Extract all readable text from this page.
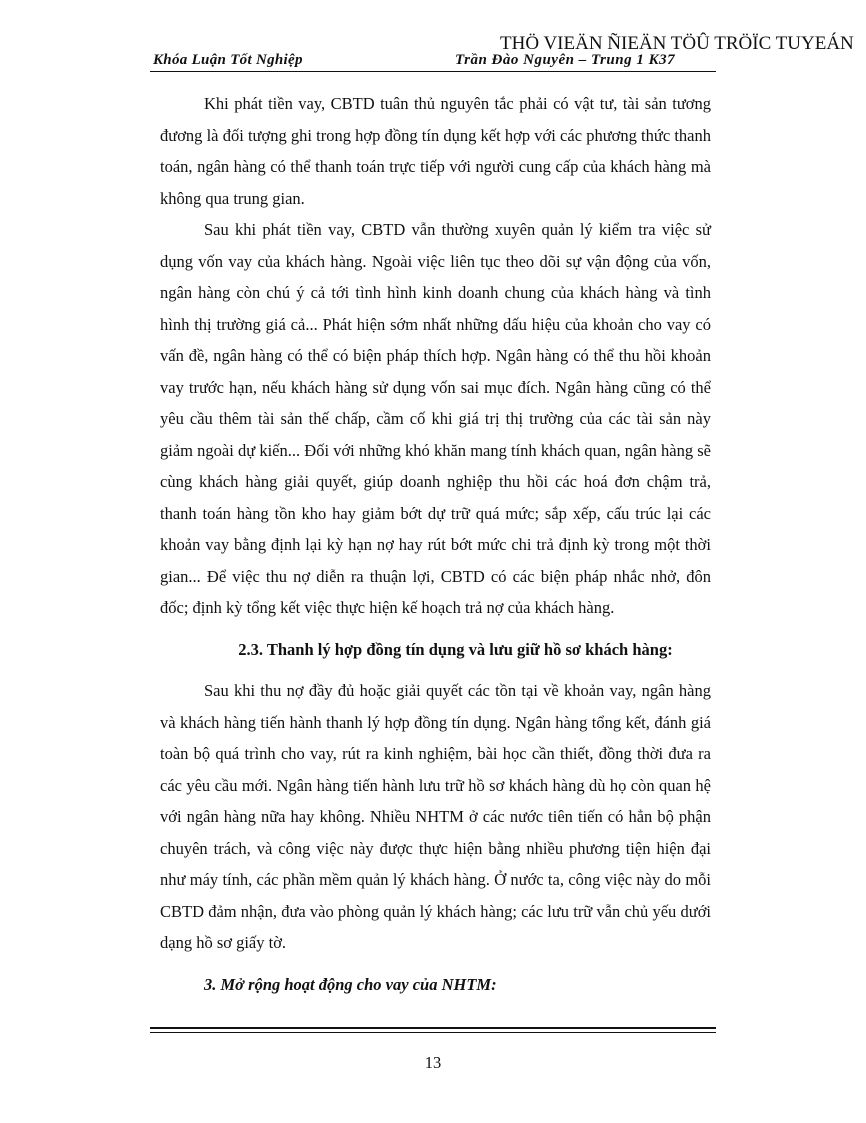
THÖ VIEÄN ÑIEÄN TÖÛ TRÖÏC TUYEÁN
Khóa Luận Tốt Nghiệp	Trần Đào Nguyên – Trung 1 K37

Khi phát tiền vay, CBTD tuân thủ nguyên tắc phải có vật tư, tài sản tương đương là đối tượng ghi trong hợp đồng tín dụng kết hợp với các phương thức thanh toán, ngân hàng có thể thanh toán trực tiếp với người cung cấp của khách hàng mà không qua trung gian.

Sau khi phát tiền vay, CBTD vẫn thường xuyên quản lý kiểm tra việc sử dụng vốn vay của khách hàng. Ngoài việc liên tục theo dõi sự vận động của vốn, ngân hàng còn chú ý cả tới tình hình kinh doanh chung của khách hàng và tình hình thị trường giá cả... Phát hiện sớm nhất những dấu hiệu của khoản cho vay có vấn đề, ngân hàng có thể có biện pháp thích hợp. Ngân hàng có thể thu hồi khoản vay trước hạn, nếu khách hàng sử dụng vốn sai mục đích. Ngân hàng cũng có thể yêu cầu thêm tài sản thế chấp, cầm cố khi giá trị thị trường của các tài sản này giảm ngoài dự kiến... Đối với những khó khăn mang tính khách quan, ngân hàng sẽ cùng khách hàng giải quyết, giúp doanh nghiệp thu hồi các hoá đơn chậm trả, thanh toán hàng tồn kho hay giảm bớt dự trữ quá mức; sắp xếp, cấu trúc lại các khoản vay bằng định lại kỳ hạn nợ hay rút bớt mức chi trả định kỳ trong một thời gian... Để việc thu nợ diễn ra thuận lợi, CBTD có các biện pháp nhắc nhở, đôn đốc; định kỳ tổng kết việc thực hiện kế hoạch trả nợ của khách hàng.

2.3. Thanh lý hợp đồng tín dụng và lưu giữ hồ sơ khách hàng:

Sau khi thu nợ đầy đủ hoặc giải quyết các tồn tại về khoản vay, ngân hàng và khách hàng tiến hành thanh lý hợp đồng tín dụng. Ngân hàng tổng kết, đánh giá toàn bộ quá trình cho vay, rút ra kinh nghiệm, bài học cần thiết, đồng thời đưa ra các yêu cầu mới. Ngân hàng tiến hành lưu trữ hồ sơ khách hàng dù họ còn quan hệ với ngân hàng nữa hay không. Nhiều NHTM ở các nước tiên tiến có hẳn bộ phận chuyên trách, và công việc này được thực hiện bằng nhiều phương tiện hiện đại như máy tính, các phần mềm quản lý khách hàng. Ở nước ta, công việc này do mỗi CBTD đảm nhận, đưa vào phòng quản lý khách hàng; các lưu trữ vẫn chủ yếu dưới dạng hồ sơ giấy tờ.

3. Mở rộng hoạt động cho vay của NHTM:
13
